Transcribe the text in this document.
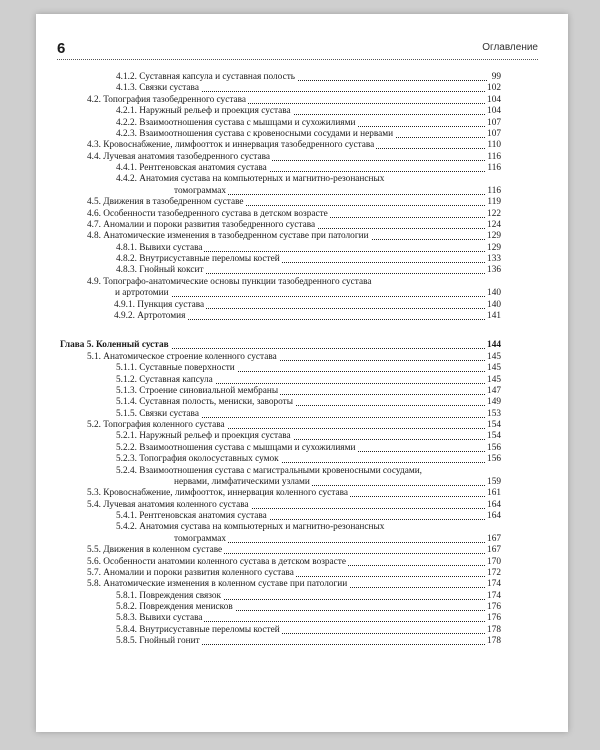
6	Оглавление
4.1.2. Суставная капсула и суставная полость	99
4.1.3. Связки сустава	102
4.2. Топография тазобедренного сустава	104
4.2.1. Наружный рельеф и проекция сустава	104
4.2.2. Взаимоотношения сустава с мышцами и сухожилиями	107
4.2.3. Взаимоотношения сустава с кровеносными сосудами и нервами	107
4.3. Кровоснабжение, лимфоотток и иннервация тазобедренного сустава	110
4.4. Лучевая анатомия тазобедренного сустава	116
4.4.1. Рентгеновская анатомия сустава	116
4.4.2. Анатомия сустава на компьютерных и магнитно-резонансных
томограммах	116
4.5. Движения в тазобедренном суставе	119
4.6. Особенности тазобедренного сустава в детском возрасте	122
4.7. Аномалии и пороки развития тазобедренного сустава	124
4.8. Анатомические изменения в тазобедренном суставе при патологии	129
4.8.1. Вывихи сустава	129
4.8.2. Внутрисуставные переломы костей	133
4.8.3. Гнойный коксит	136
4.9. Топографо-анатомические основы пункции тазобедренного сустава
и артротомии	140
4.9.1. Пункция сустава	140
4.9.2. Артротомия	141
Глава 5. Коленный сустав	144
5.1. Анатомическое строение коленного сустава	145
5.1.1. Суставные поверхности	145
5.1.2. Суставная капсула	145
5.1.3. Строение синовиальной мембраны	147
5.1.4. Суставная полость, мениски, завороты	149
5.1.5. Связки сустава	153
5.2. Топография коленного сустава	154
5.2.1. Наружный рельеф и проекция сустава	154
5.2.2. Взаимоотношения сустава с мышцами и сухожилиями	156
5.2.3. Топография околосуставных сумок	156
5.2.4. Взаимоотношения сустава с магистральными кровеносными сосудами,
нервами, лимфатическими узлами	159
5.3. Кровоснабжение, лимфоотток, иннервация коленного сустава	161
5.4. Лучевая анатомия коленного сустава	164
5.4.1. Рентгеновская анатомия сустава	164
5.4.2. Анатомия сустава на компьютерных и магнитно-резонансных
томограммах	167
5.5. Движения в коленном суставе	167
5.6. Особенности анатомии коленного сустава в детском возрасте	170
5.7. Аномалии и пороки развития коленного сустава	172
5.8. Анатомические изменения в коленном суставе при патологии	174
5.8.1. Повреждения связок	174
5.8.2. Повреждения менисков	176
5.8.3. Вывихи сустава	176
5.8.4. Внутрисуставные переломы костей	178
5.8.5. Гнойный гонит	178
